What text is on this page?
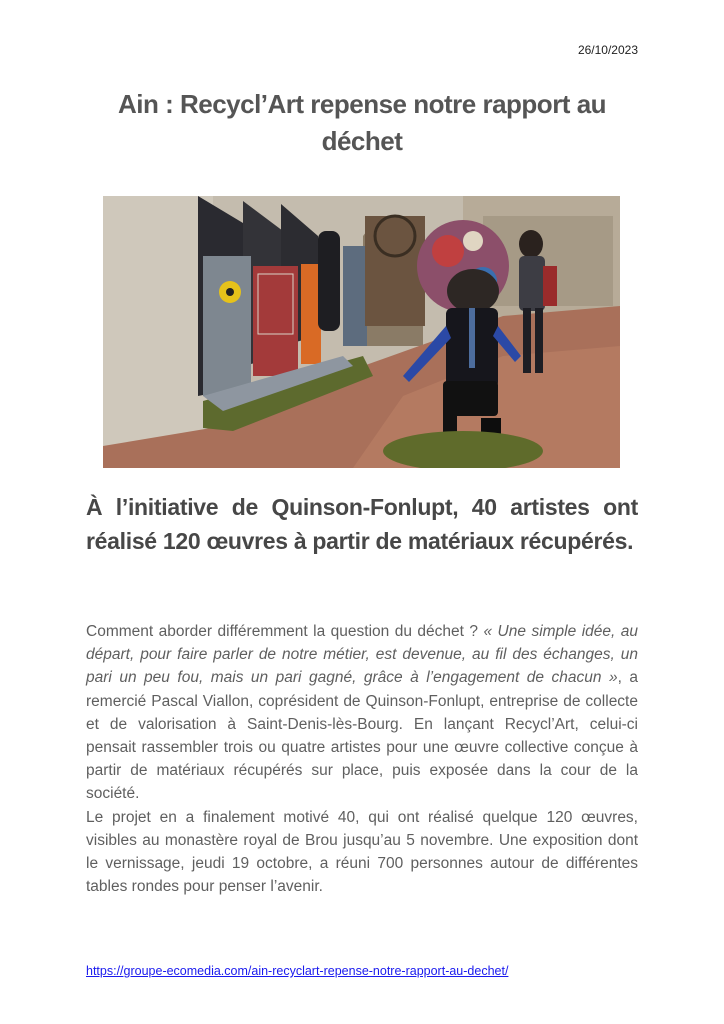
26/10/2023
Ain : Recycl’Art repense notre rapport au déchet
À l’initiative de Quinson-Fonlupt, 40 artistes ont réalisé 120 œuvres à partir de matériaux récupérés.

Comment aborder différemment la question du déchet ? « Une simple idée, au départ, pour faire parler de notre métier, est devenue, au fil des échanges, un pari un peu fou, mais un pari gagné, grâce à l’engagement de chacun », a remercié Pascal Viallon, coprésident de Quinson-Fonlupt, entreprise de collecte et de valorisation à Saint-Denis-lès-Bourg. En lançant Recycl’Art, celui-ci pensait rassembler trois ou quatre artistes pour une œuvre collective conçue à partir de matériaux récupérés sur place, puis exposée dans la cour de la société.

Le projet en a finalement motivé 40, qui ont réalisé quelque 120 œuvres, visibles au monastère royal de Brou jusqu’au 5 novembre. Une exposition dont le vernissage, jeudi 19 octobre, a réuni 700 personnes autour de différentes tables rondes pour penser l’avenir.

https://groupe-ecomedia.com/ain-recyclart-repense-notre-rapport-au-dechet/
